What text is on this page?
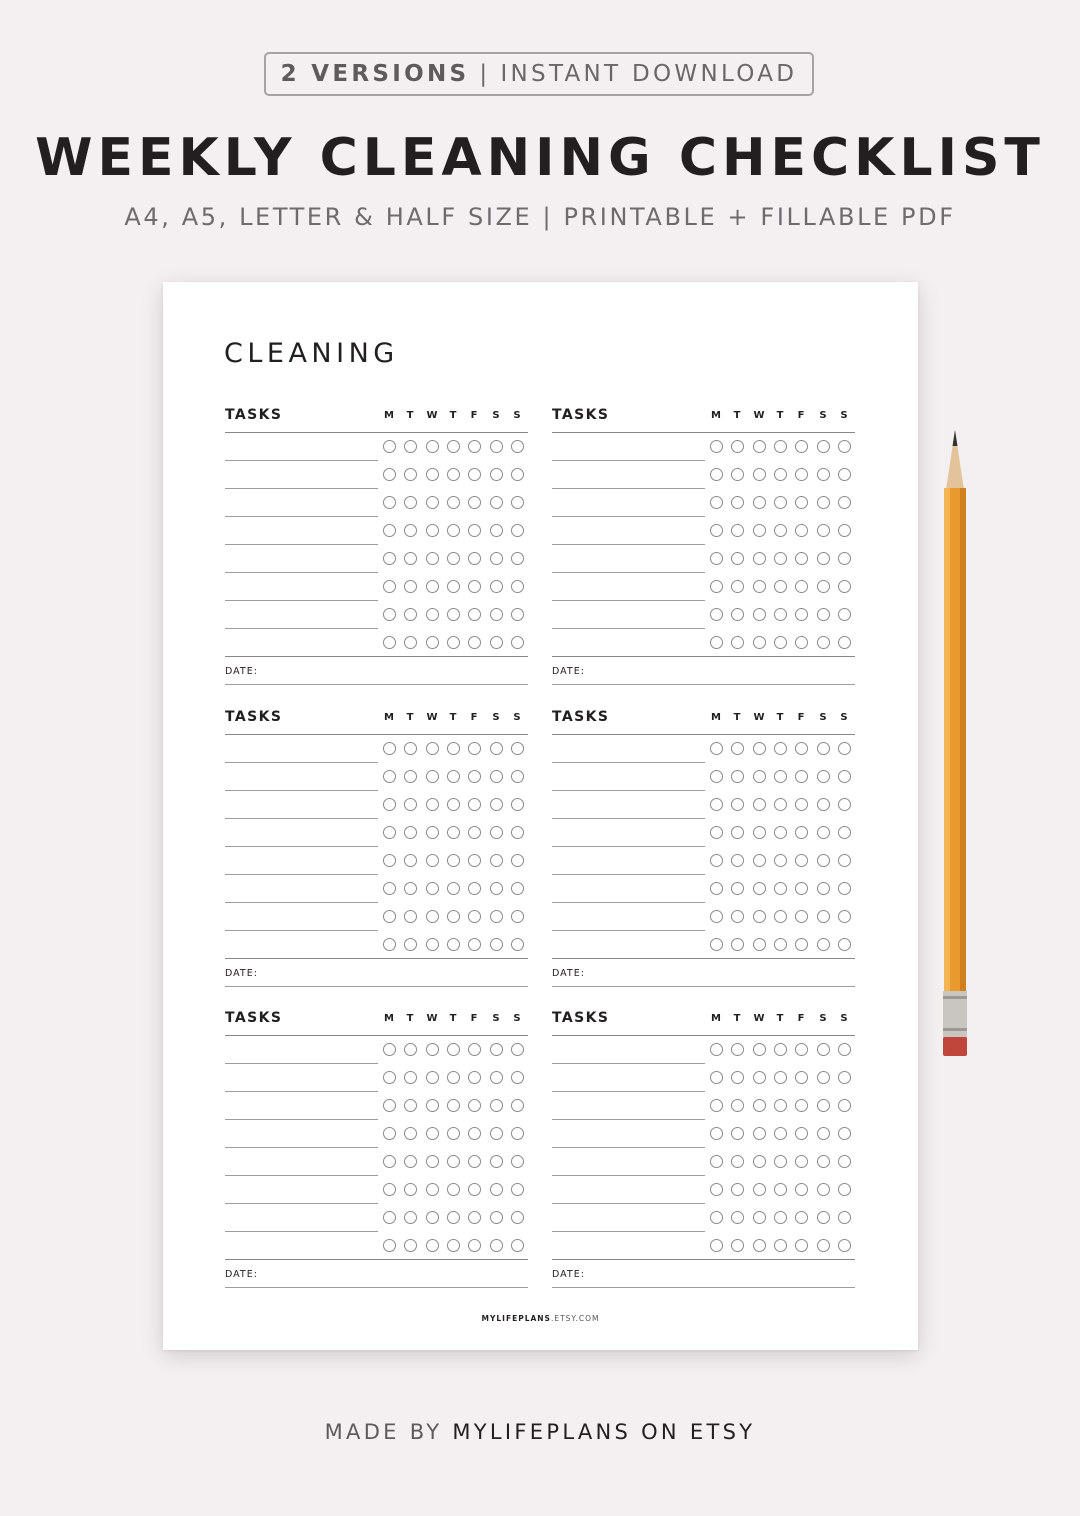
2 VERSIONS | INSTANT DOWNLOAD
WEEKLY CLEANING CHECKLIST
A4, A5, LETTER & HALF SIZE | PRINTABLE + FILLABLE PDF
CLEANING
TASKS	M	T	W	T	F	S	S
DATE:
TASKS	M	T	W	T	F	S	S
DATE:
TASKS	M	T	W	T	F	S	S
DATE:
TASKS	M	T	W	T	F	S	S
DATE:
TASKS	M	T	W	T	F	S	S
DATE:
TASKS	M	T	W	T	F	S	S
DATE:
MYLIFEPLANS.ETSY.COM
MADE BY MYLIFEPLANS ON ETSY
